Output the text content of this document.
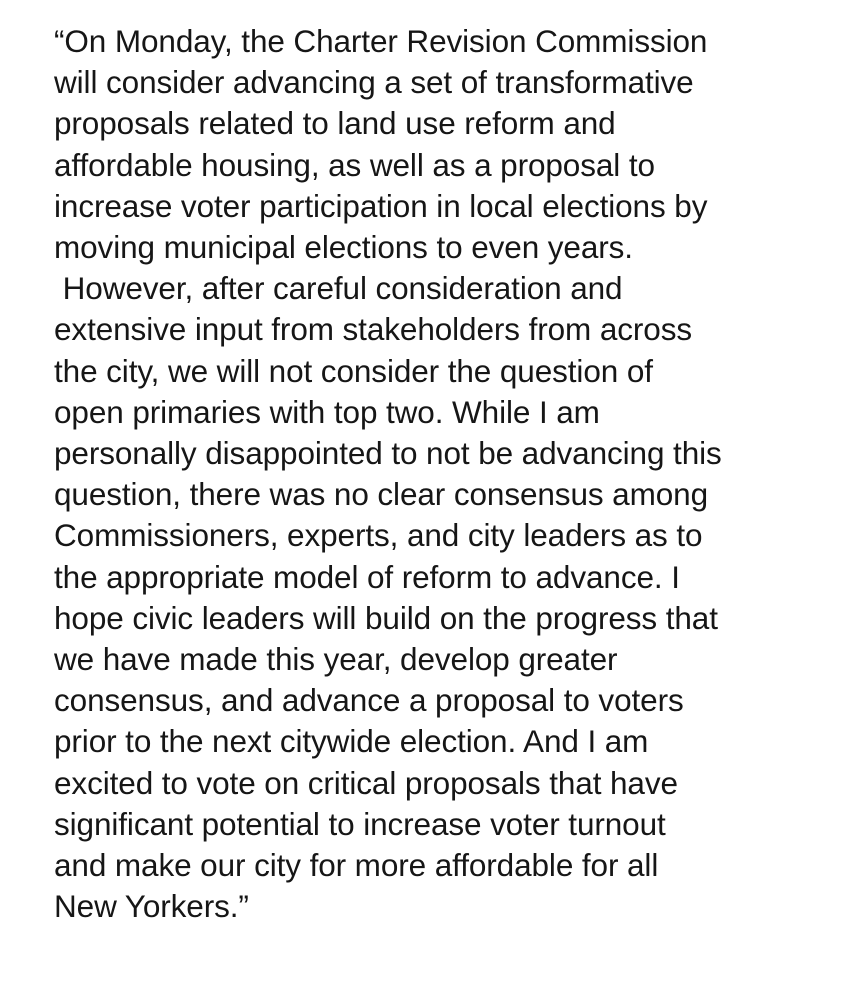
“On Monday, the Charter Revision Commission
will consider advancing a set of transformative
proposals related to land use reform and
affordable housing, as well as a proposal to
increase voter participation in local elections by
moving municipal elections to even years.
However, after careful consideration and
extensive input from stakeholders from across
the city, we will not consider the question of
open primaries with top two. While I am
personally disappointed to not be advancing this
question, there was no clear consensus among
Commissioners, experts, and city leaders as to
the appropriate model of reform to advance. I
hope civic leaders will build on the progress that
we have made this year, develop greater
consensus, and advance a proposal to voters
prior to the next citywide election. And I am
excited to vote on critical proposals that have
significant potential to increase voter turnout
and make our city for more affordable for all
New Yorkers.”
